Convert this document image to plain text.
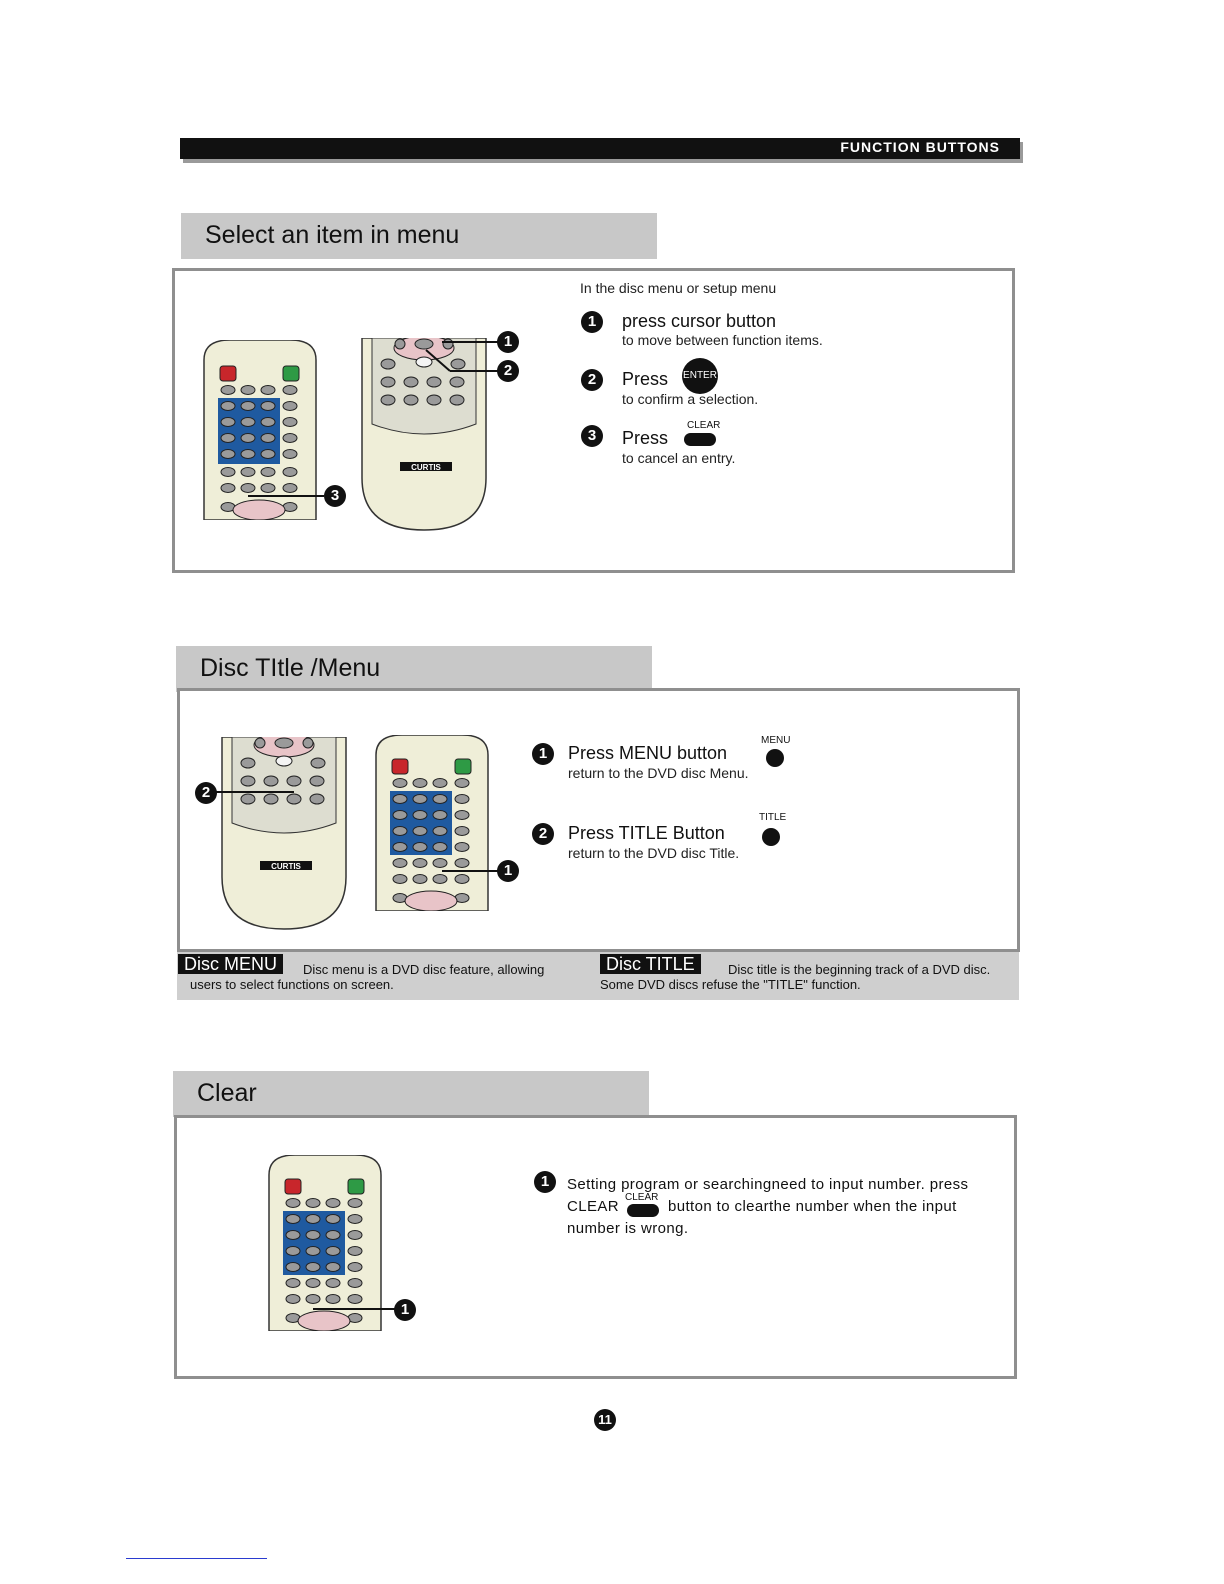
FUNCTION BUTTONS
Select an item in menu
3
CURTIS
1
2
In the disc menu or setup menu
1	press cursor button
to move between function items.
2	Press ENTER
to confirm a selection.
3	Press
CLEAR
to cancel an entry.
Disc TItle /Menu
CURTIS
2
1
1	Press MENU button
return to the DVD disc Menu.
MENU
2	Press TITLE Button
return to the DVD disc Title.
TITLE
Disc MENU	Disc menu is a DVD disc feature, allowing
users to select functions on screen.
Disc TITLE	Disc title is the beginning track of a DVD disc.
Some DVD discs refuse the "TITLE" function.
Clear
1
1	Setting program or searchingneed to input number. press
CLEAR
CLEAR
button to clearthe number when the input
number is wrong.
11
